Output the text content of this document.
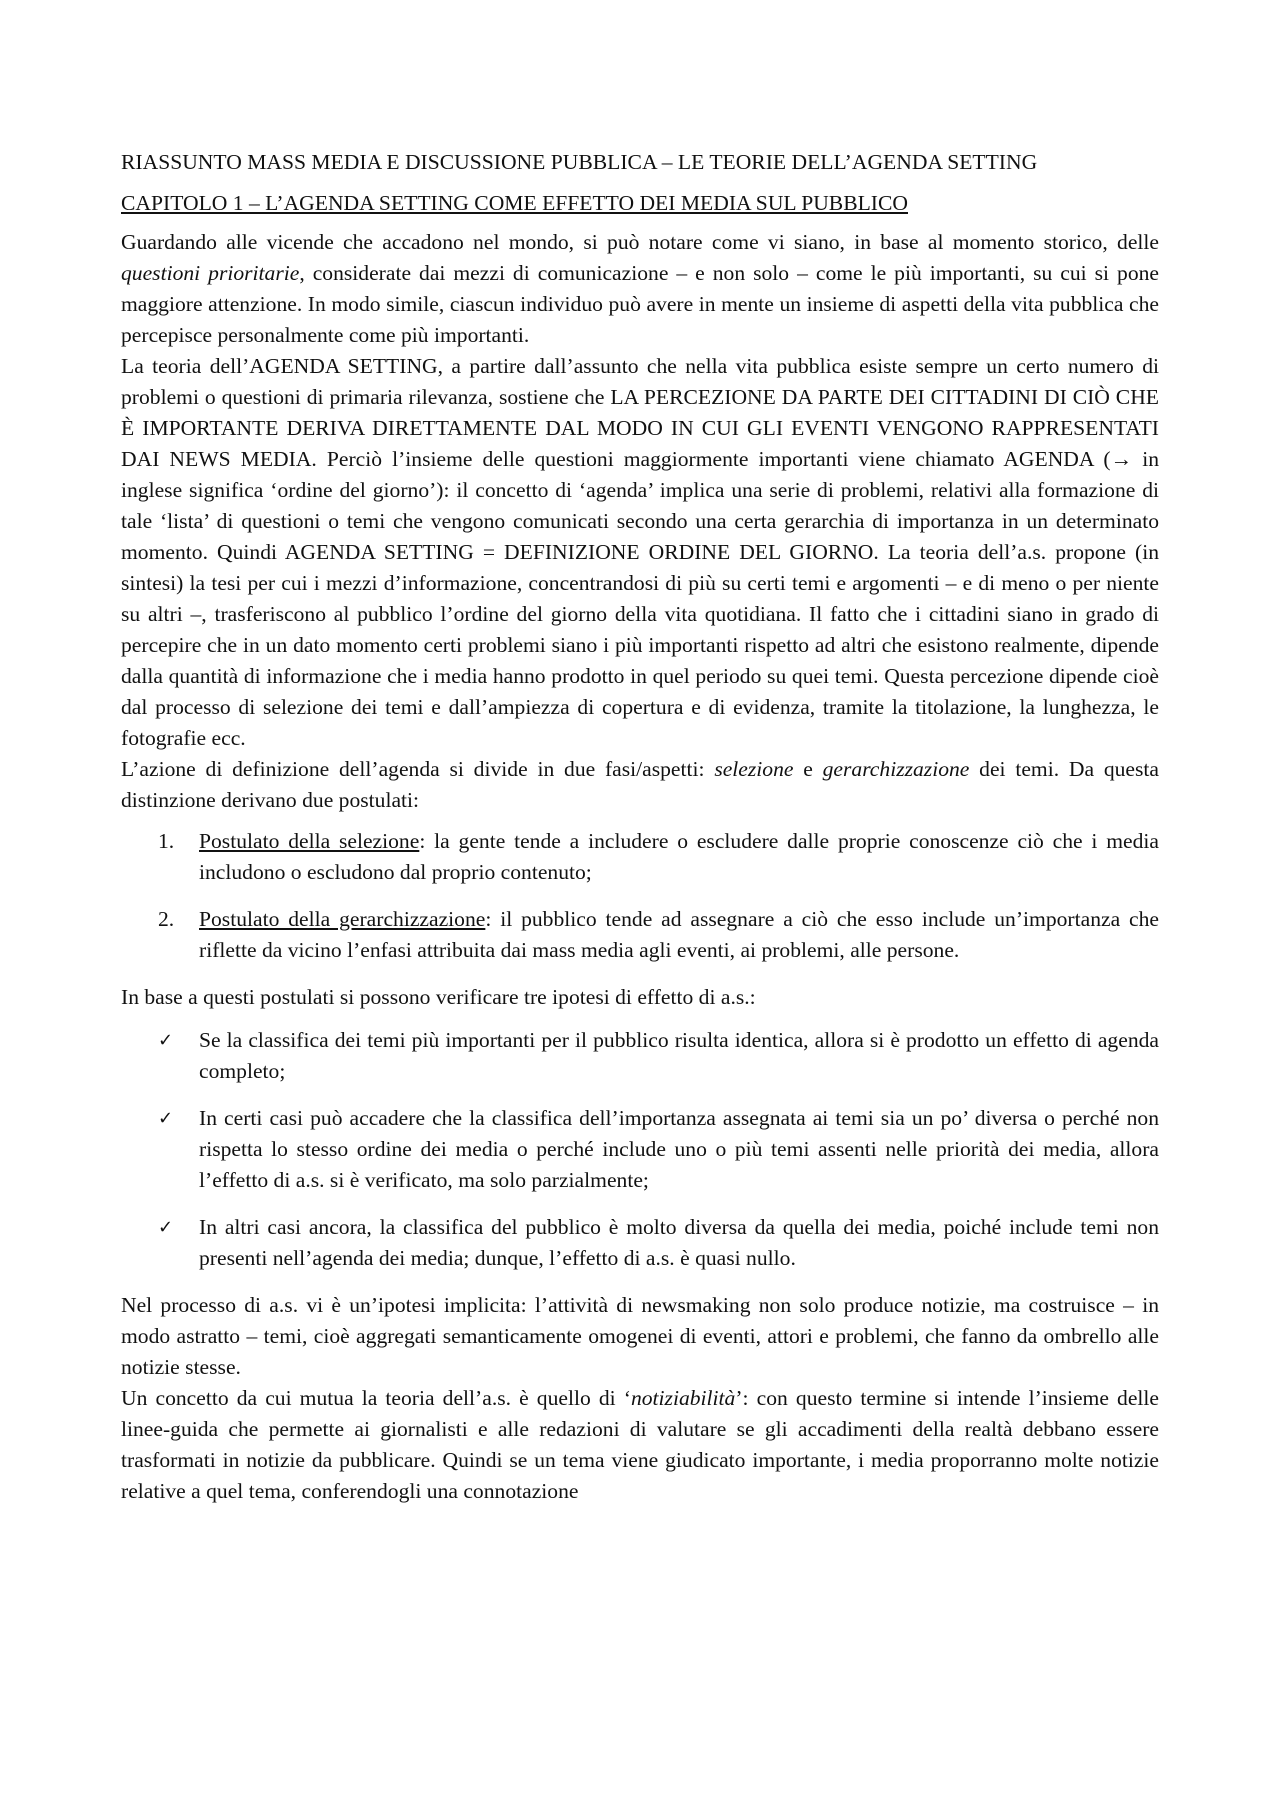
RIASSUNTO MASS MEDIA E DISCUSSIONE PUBBLICA – LE TEORIE DELL’AGENDA SETTING
CAPITOLO 1 – L’AGENDA SETTING COME EFFETTO DEI MEDIA SUL PUBBLICO

Guardando alle vicende che accadono nel mondo, si può notare come vi siano, in base al momento storico, delle questioni prioritarie, considerate dai mezzi di comunicazione – e non solo – come le più importanti, su cui si pone maggiore attenzione. In modo simile, ciascun individuo può avere in mente un insieme di aspetti della vita pubblica che percepisce personalmente come più importanti.

La teoria dell’AGENDA SETTING, a partire dall’assunto che nella vita pubblica esiste sempre un certo numero di problemi o questioni di primaria rilevanza, sostiene che LA PERCEZIONE DA PARTE DEI CITTADINI DI CIÒ CHE È IMPORTANTE DERIVA DIRETTAMENTE DAL MODO IN CUI GLI EVENTI VENGONO RAPPRESENTATI DAI NEWS MEDIA. Perciò l’insieme delle questioni maggiormente importanti viene chiamato AGENDA (→ in inglese significa ‘ordine del giorno’): il concetto di ‘agenda’ implica una serie di problemi, relativi alla formazione di tale ‘lista’ di questioni o temi che vengono comunicati secondo una certa gerarchia di importanza in un determinato momento. Quindi AGENDA SETTING = DEFINIZIONE ORDINE DEL GIORNO. La teoria dell’a.s. propone (in sintesi) la tesi per cui i mezzi d’informazione, concentrandosi di più su certi temi e argomenti – e di meno o per niente su altri –, trasferiscono al pubblico l’ordine del giorno della vita quotidiana. Il fatto che i cittadini siano in grado di percepire che in un dato momento certi problemi siano i più importanti rispetto ad altri che esistono realmente, dipende dalla quantità di informazione che i media hanno prodotto in quel periodo su quei temi. Questa percezione dipende cioè dal processo di selezione dei temi e dall’ampiezza di copertura e di evidenza, tramite la titolazione, la lunghezza, le fotografie ecc.

L’azione di definizione dell’agenda si divide in due fasi/aspetti: selezione e gerarchizzazione dei temi. Da questa distinzione derivano due postulati:

1. Postulato della selezione: la gente tende a includere o escludere dalle proprie conoscenze ciò che i media includono o escludono dal proprio contenuto;
2. Postulato della gerarchizzazione: il pubblico tende ad assegnare a ciò che esso include un’importanza che riflette da vicino l’enfasi attribuita dai mass media agli eventi, ai problemi, alle persone.

In base a questi postulati si possono verificare tre ipotesi di effetto di a.s.:

✓ Se la classifica dei temi più importanti per il pubblico risulta identica, allora si è prodotto un effetto di agenda completo;
✓ In certi casi può accadere che la classifica dell’importanza assegnata ai temi sia un po’ diversa o perché non rispetta lo stesso ordine dei media o perché include uno o più temi assenti nelle priorità dei media, allora l’effetto di a.s. si è verificato, ma solo parzialmente;
✓ In altri casi ancora, la classifica del pubblico è molto diversa da quella dei media, poiché include temi non presenti nell’agenda dei media; dunque, l’effetto di a.s. è quasi nullo.

Nel processo di a.s. vi è un’ipotesi implicita: l’attività di newsmaking non solo produce notizie, ma costruisce – in modo astratto – temi, cioè aggregati semanticamente omogenei di eventi, attori e problemi, che fanno da ombrello alle notizie stesse.

Un concetto da cui mutua la teoria dell’a.s. è quello di ‘notiziabilità’: con questo termine si intende l’insieme delle linee-guida che permette ai giornalisti e alle redazioni di valutare se gli accadimenti della realtà debbano essere trasformati in notizie da pubblicare. Quindi se un tema viene giudicato importante, i media proporranno molte notizie relative a quel tema, conferendogli una connotazione
